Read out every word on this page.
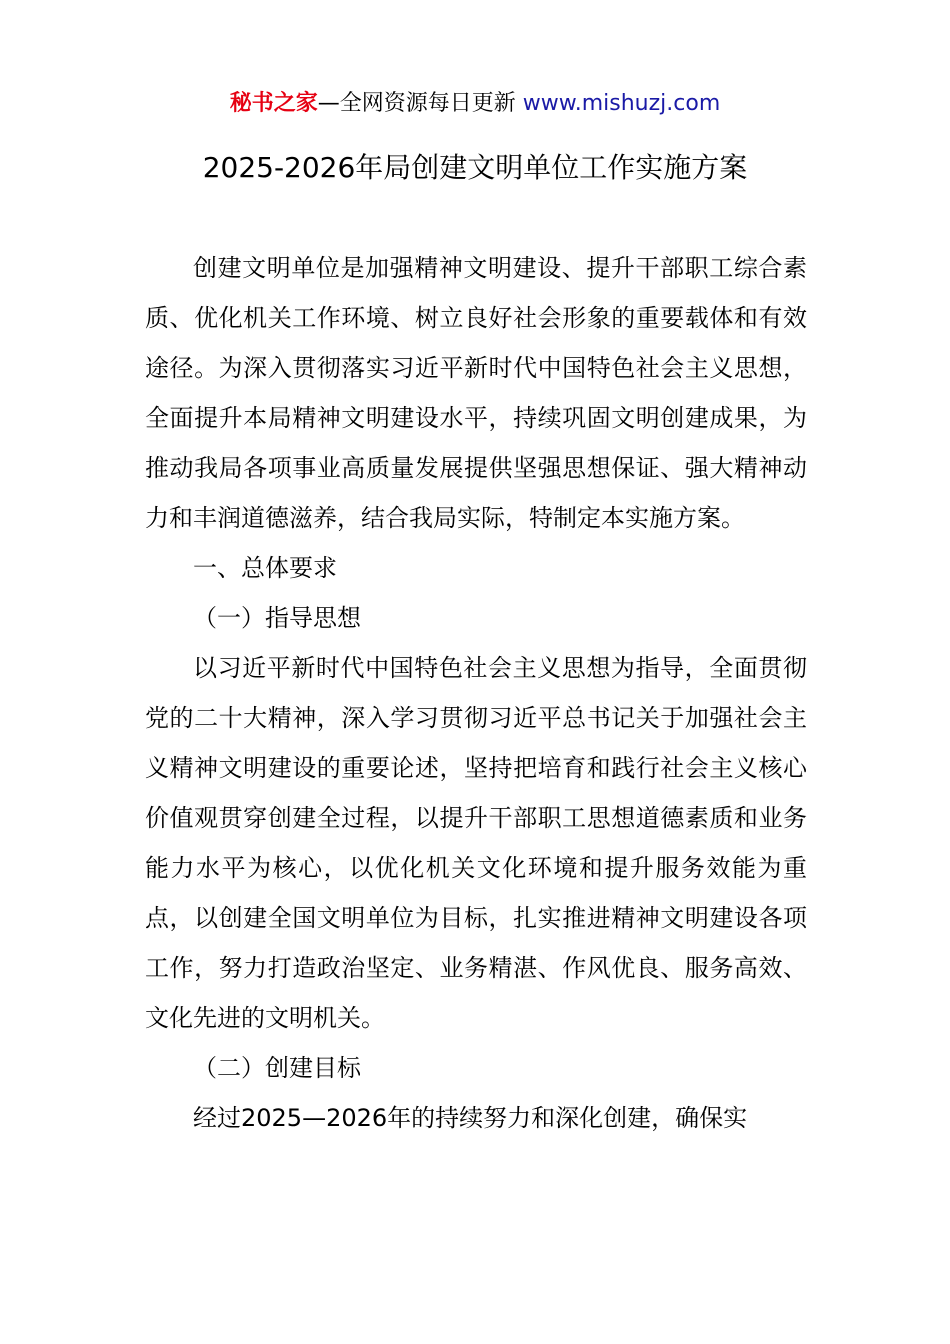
秘书之家—全网资源每日更新 www.mishuzj.com
2025-2026年局创建文明单位工作实施方案

创建文明单位是加强精神文明建设、提升干部职工综合素质、优化机关工作环境、树立良好社会形象的重要载体和有效途径。为深入贯彻落实习近平新时代中国特色社会主义思想，全面提升本局精神文明建设水平，持续巩固文明创建成果，为推动我局各项事业高质量发展提供坚强思想保证、强大精神动力和丰润道德滋养，结合我局实际，特制定本实施方案。

一、总体要求

（一）指导思想

以习近平新时代中国特色社会主义思想为指导，全面贯彻党的二十大精神，深入学习贯彻习近平总书记关于加强社会主义精神文明建设的重要论述，坚持把培育和践行社会主义核心价值观贯穿创建全过程，以提升干部职工思想道德素质和业务能力水平为核心，以优化机关文化环境和提升服务效能为重点，以创建全国文明单位为目标，扎实推进精神文明建设各项工作，努力打造政治坚定、业务精湛、作风优良、服务高效、文化先进的文明机关。

（二）创建目标

经过2025—2026年的持续努力和深化创建，确保实
